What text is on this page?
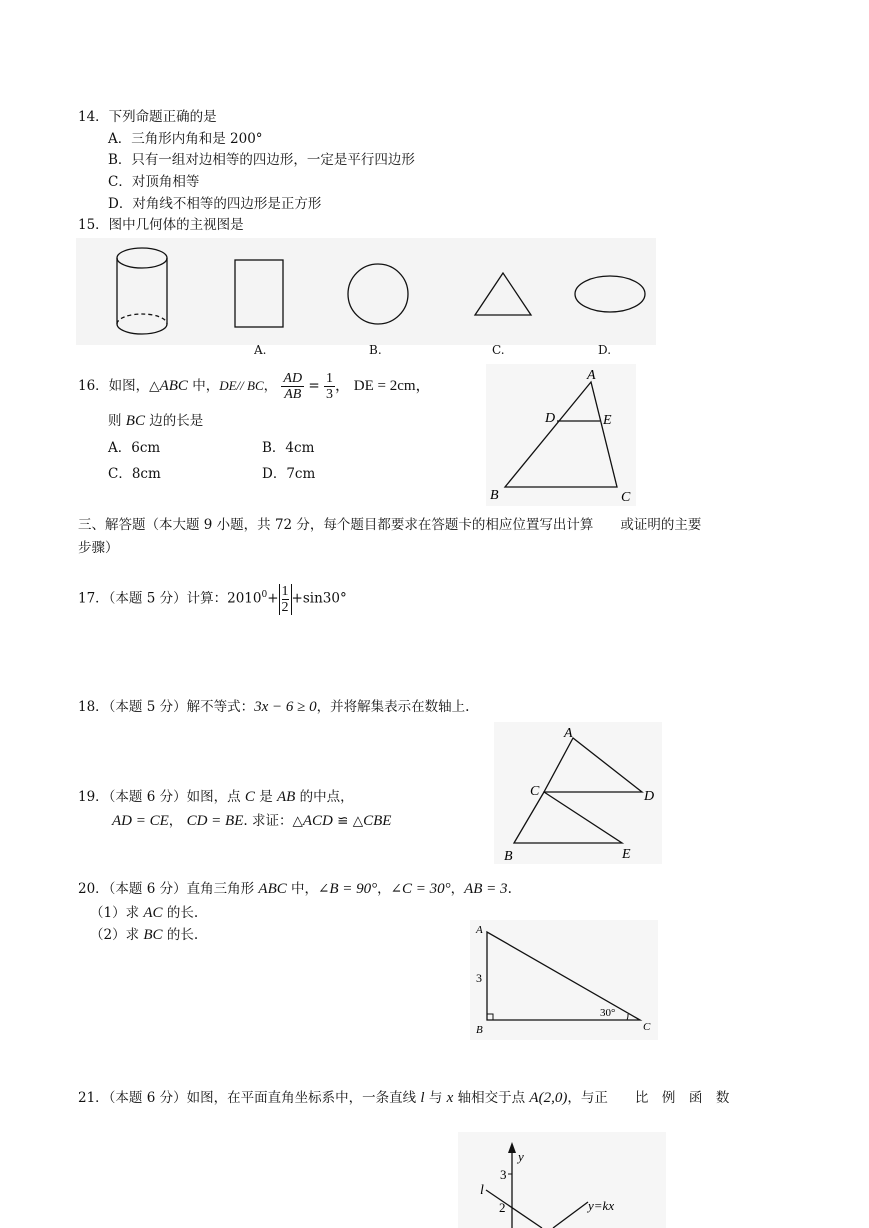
14．下列命题正确的是
A．三角形内角和是 200°
B．只有一组对边相等的四边形，一定是平行四边形
C．对顶角相等
D．对角线不相等的四边形是正方形
15．图中几何体的主视图是
A.	B.	C.	D.
16．如图，△ABC 中，DE// BC， $\frac{AD}{AB} = \frac{1}{3}$ ， DE = 2cm，
则 BC 边的长是
A．6cm	B．4cm
C．8cm	D．7cm
A
D	E
B	C
三、解答题（本大题 9 小题，共 72 分，每个题目都要求在答题卡的相应位置写出计算　　或证明的主要
步骤）
17．（本题 5 分）计算：$2010^0+ \frac{1}{2} +\sin 30^\circ$
18．（本题 5 分）解不等式：3x − 6 ≥ 0，并将解集表示在数轴上.
19．（本题 6 分）如图，点 C 是 AB 的中点，
AD = CE， CD = BE. 求证：△ACD ≌ △CBE
A
C	D
B	E
20．（本题 6 分）直角三角形 ABC 中，∠B = 90°，∠C = 30°，AB = 3.
（1）求 AC 的长.
（2）求 BC 的长.	A
B	C
3
30°
21．（本题 6 分）如图，在平面直角坐标系中，一条直线 l 与 x 轴相交于点 A(2,0)，与正　　比　例　函　数
y
3
l
2	y=kx
